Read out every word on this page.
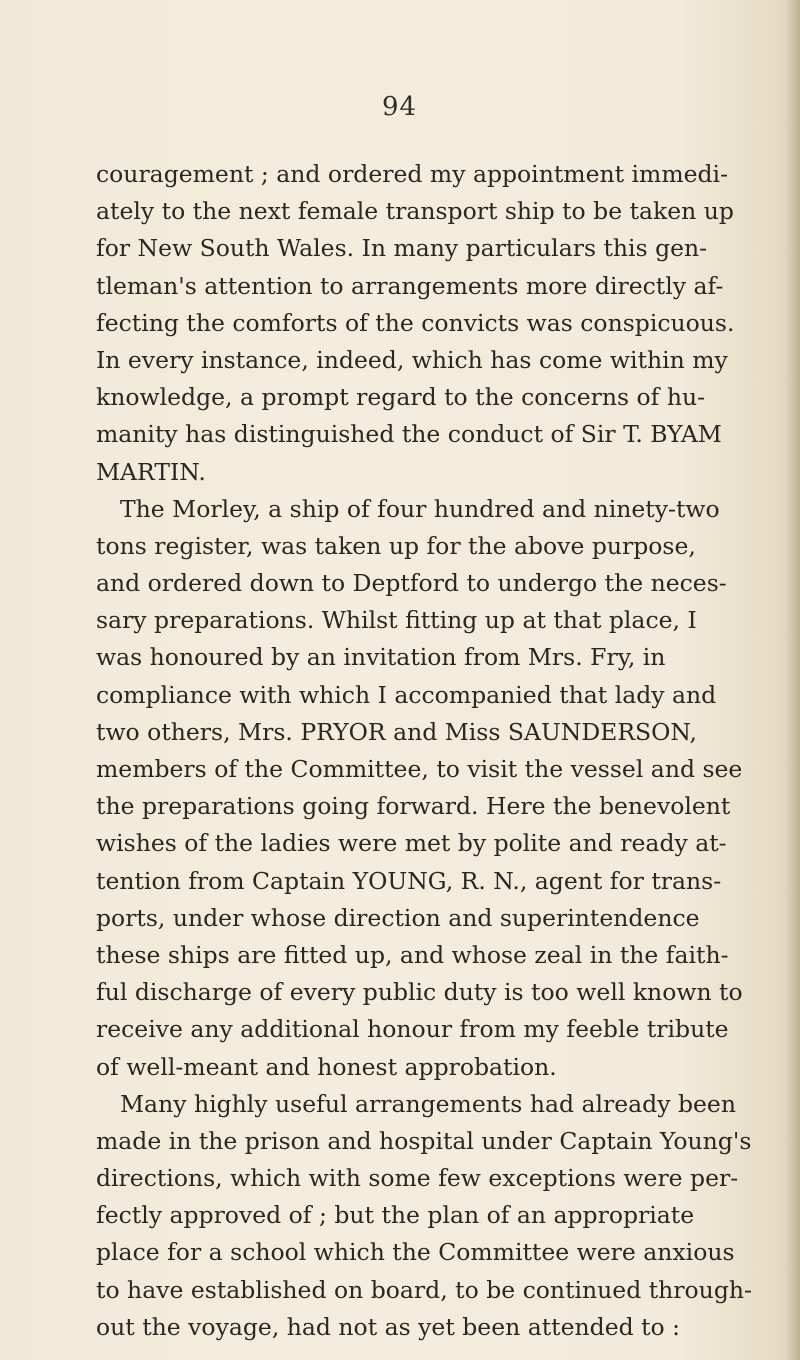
94
couragement ; and ordered my appointment immedi-
ately to the next female transport ship to be taken up
for New South Wales. In many particulars this gen-
tleman's attention to arrangements more directly af-
fecting the comforts of the convicts was conspicuous.
In every instance, indeed, which has come within my
knowledge, a prompt regard to the concerns of hu-
manity has distinguished the conduct of Sir T. BYAM
MARTIN.
The Morley, a ship of four hundred and ninety-two
tons register, was taken up for the above purpose,
and ordered down to Deptford to undergo the neces-
sary preparations. Whilst fitting up at that place, I
was honoured by an invitation from Mrs. Fry, in
compliance with which I accompanied that lady and
two others, Mrs. PRYOR and Miss SAUNDERSON,
members of the Committee, to visit the vessel and see
the preparations going forward. Here the benevolent
wishes of the ladies were met by polite and ready at-
tention from Captain YOUNG, R. N., agent for trans-
ports, under whose direction and superintendence
these ships are fitted up, and whose zeal in the faith-
ful discharge of every public duty is too well known to
receive any additional honour from my feeble tribute
of well-meant and honest approbation.
Many highly useful arrangements had already been
made in the prison and hospital under Captain Young's
directions, which with some few exceptions were per-
fectly approved of ; but the plan of an appropriate
place for a school which the Committee were anxious
to have established on board, to be continued through-
out the voyage, had not as yet been attended to :
